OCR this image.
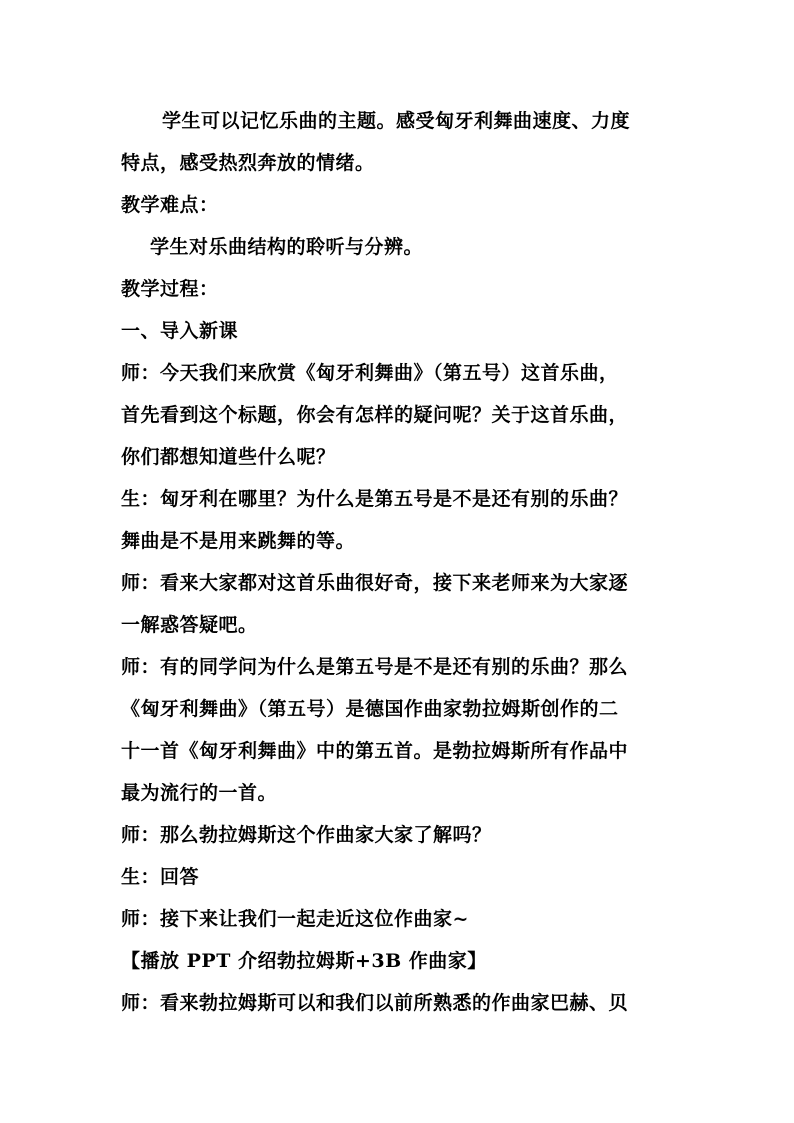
学生可以记忆乐曲的主题。感受匈牙利舞曲速度、力度
特点，感受热烈奔放的情绪。
教学难点：
学生对乐曲结构的聆听与分辨。
教学过程：
一、导入新课
师：今天我们来欣赏《匈牙利舞曲》（第五号）这首乐曲，
首先看到这个标题，你会有怎样的疑问呢？关于这首乐曲，
你们都想知道些什么呢？
生：匈牙利在哪里？为什么是第五号是不是还有别的乐曲？
舞曲是不是用来跳舞的等。
师：看来大家都对这首乐曲很好奇，接下来老师来为大家逐
一解惑答疑吧。
师：有的同学问为什么是第五号是不是还有别的乐曲？那么
《匈牙利舞曲》（第五号）是德国作曲家勃拉姆斯创作的二
十一首《匈牙利舞曲》中的第五首。是勃拉姆斯所有作品中
最为流行的一首。
师：那么勃拉姆斯这个作曲家大家了解吗？
生：回答
师：接下来让我们一起走近这位作曲家~
【播放 PPT 介绍勃拉姆斯+3B 作曲家】
师：看来勃拉姆斯可以和我们以前所熟悉的作曲家巴赫、贝
